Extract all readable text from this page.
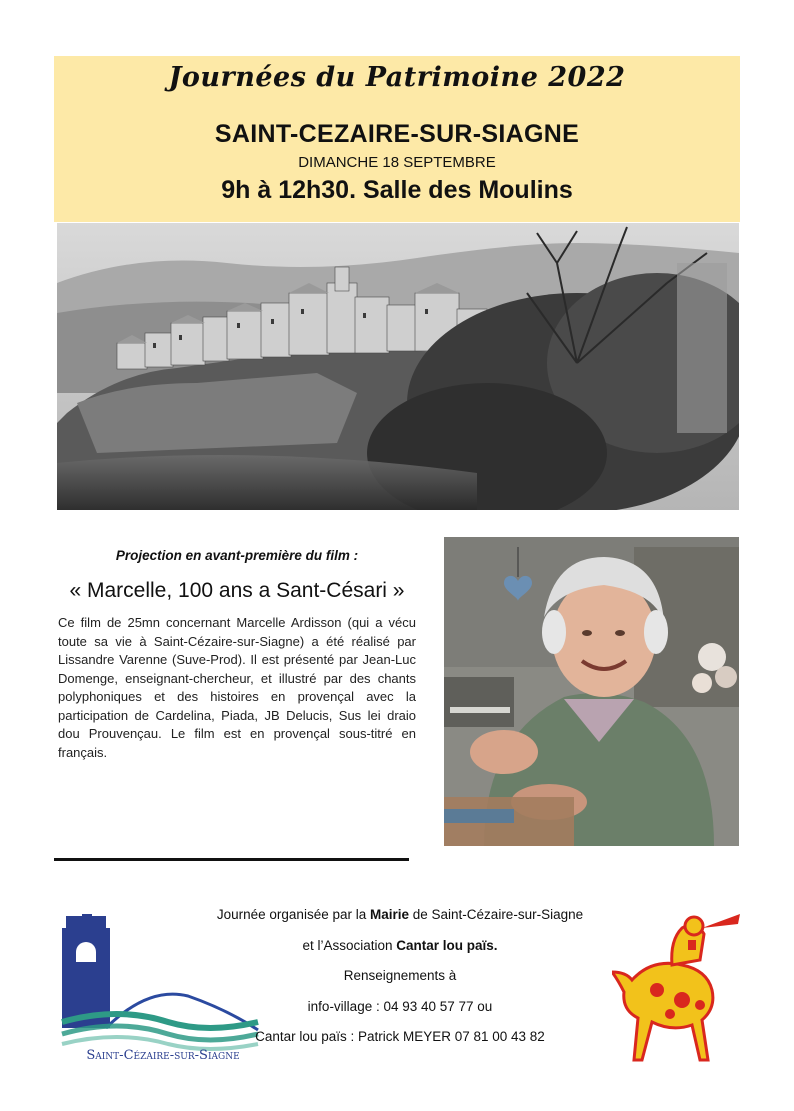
Journées du Patrimoine 2022
SAINT-CEZAIRE-SUR-SIAGNE
DIMANCHE 18 SEPTEMBRE
9h à 12h30. Salle des Moulins

Projection en avant-première du film :

« Marcelle, 100 ans a Sant-Césari »

Ce film de 25mn concernant Marcelle Ardisson (qui a vécu toute sa vie à Saint-Cézaire-sur-Siagne) a été réalisé par Lissandre Varenne (Suve-Prod). Il est présenté par Jean-Luc Domenge, enseignant-chercheur, et illustré par des chants polyphoniques et des histoires en provençal avec la participation de Cardelina, Piada, JB Delucis, Sus lei draio dou Prouvençau. Le film est en provençal sous-titré en français.

Saint-Cézaire-sur-Siagne
Journée organisée par la Mairie de Saint-Cézaire-sur-Siagne
et l’Association Cantar lou païs.
Renseignements à
info-village : 04 93 40 57 77 ou
Cantar lou païs : Patrick MEYER 07 81 00 43 82
